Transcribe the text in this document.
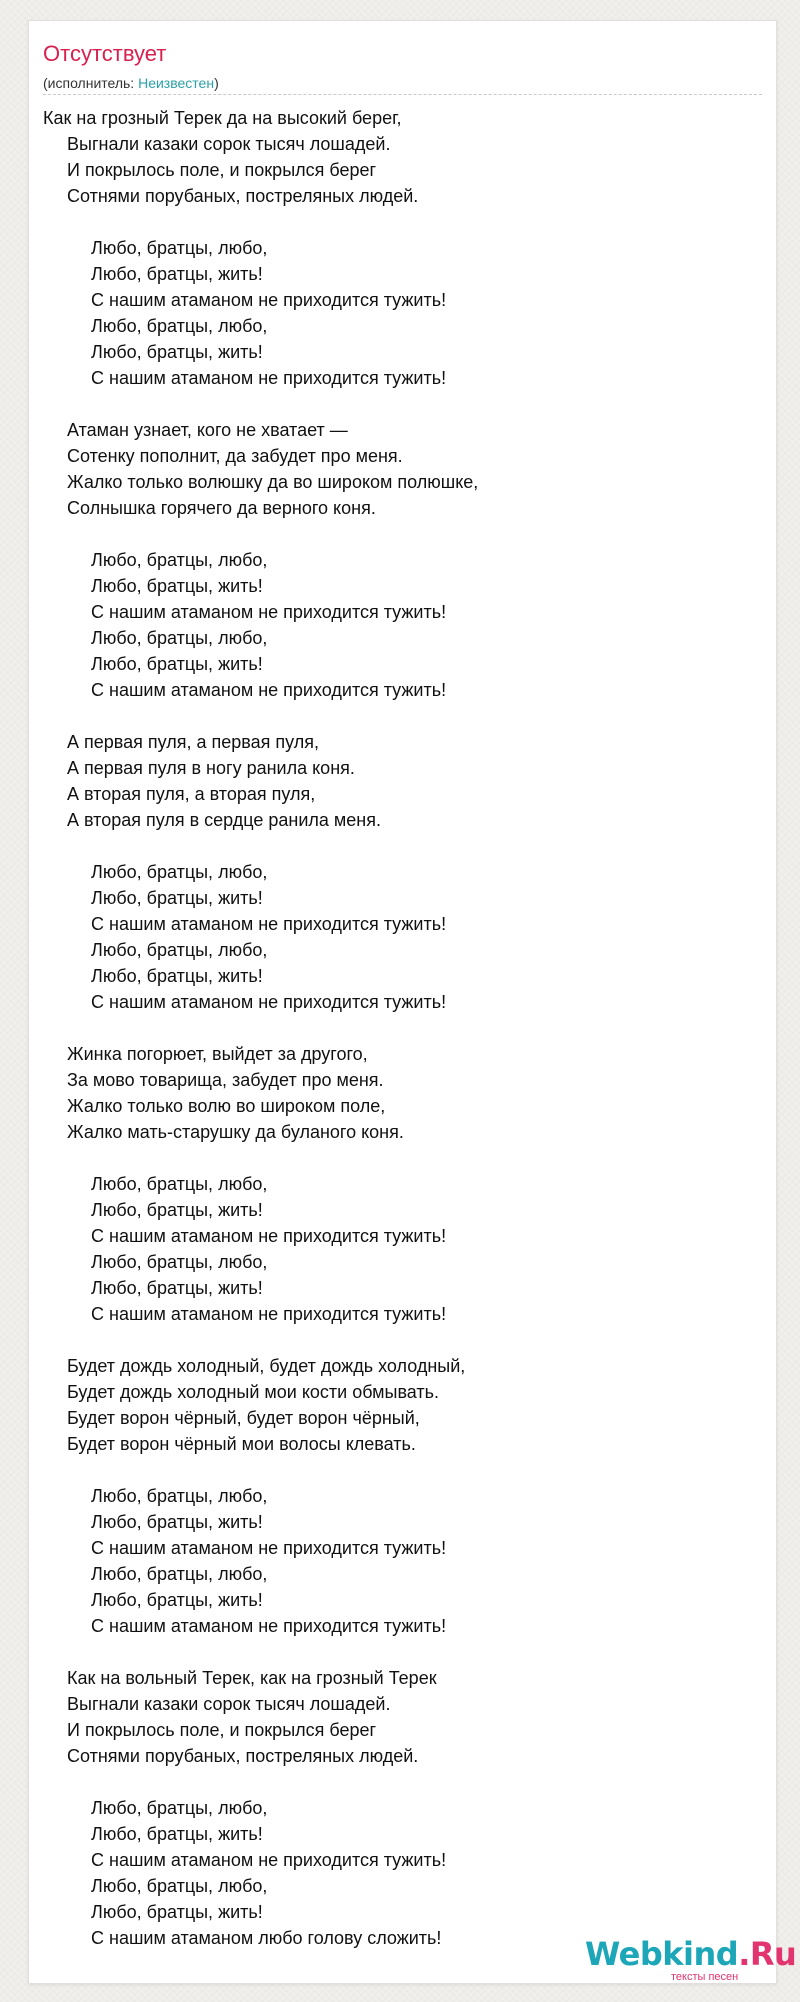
Отсутствует
(исполнитель: Неизвестен)
Как на грозный Терек да на высокий берег,
Выгнали казаки сорок тысяч лошадей.
И покрылось поле, и покрылся берег
Сотнями порубаных, постреляных людей.
Любо, братцы, любо,
Любо, братцы, жить!
С нашим атаманом не приходится тужить!
Любо, братцы, любо,
Любо, братцы, жить!
С нашим атаманом не приходится тужить!
Атаман узнает, кого не хватает —
Сотенку пополнит, да забудет про меня.
Жалко только волюшку да во широком полюшке,
Солнышка горячего да верного коня.
Любо, братцы, любо,
Любо, братцы, жить!
С нашим атаманом не приходится тужить!
Любо, братцы, любо,
Любо, братцы, жить!
С нашим атаманом не приходится тужить!
А первая пуля, а первая пуля,
А первая пуля в ногу ранила коня.
А вторая пуля, а вторая пуля,
А вторая пуля в сердце ранила меня.
Любо, братцы, любо,
Любо, братцы, жить!
С нашим атаманом не приходится тужить!
Любо, братцы, любо,
Любо, братцы, жить!
С нашим атаманом не приходится тужить!
Жинка погорюет, выйдет за другого,
За мово товарища, забудет про меня.
Жалко только волю во широком поле,
Жалко мать-старушку да буланого коня.
Любо, братцы, любо,
Любо, братцы, жить!
С нашим атаманом не приходится тужить!
Любо, братцы, любо,
Любо, братцы, жить!
С нашим атаманом не приходится тужить!
Будет дождь холодный, будет дождь холодный,
Будет дождь холодный мои кости обмывать.
Будет ворон чёрный, будет ворон чёрный,
Будет ворон чёрный мои волосы клевать.
Любо, братцы, любо,
Любо, братцы, жить!
С нашим атаманом не приходится тужить!
Любо, братцы, любо,
Любо, братцы, жить!
С нашим атаманом не приходится тужить!
Как на вольный Терек, как на грозный Терек
Выгнали казаки сорок тысяч лошадей.
И покрылось поле, и покрылся берег
Сотнями порубаных, постреляных людей.
Любо, братцы, любо,
Любо, братцы, жить!
С нашим атаманом не приходится тужить!
Любо, братцы, любо,
Любо, братцы, жить!
С нашим атаманом любо голову сложить!	Webkind.Ru
тексты песен
